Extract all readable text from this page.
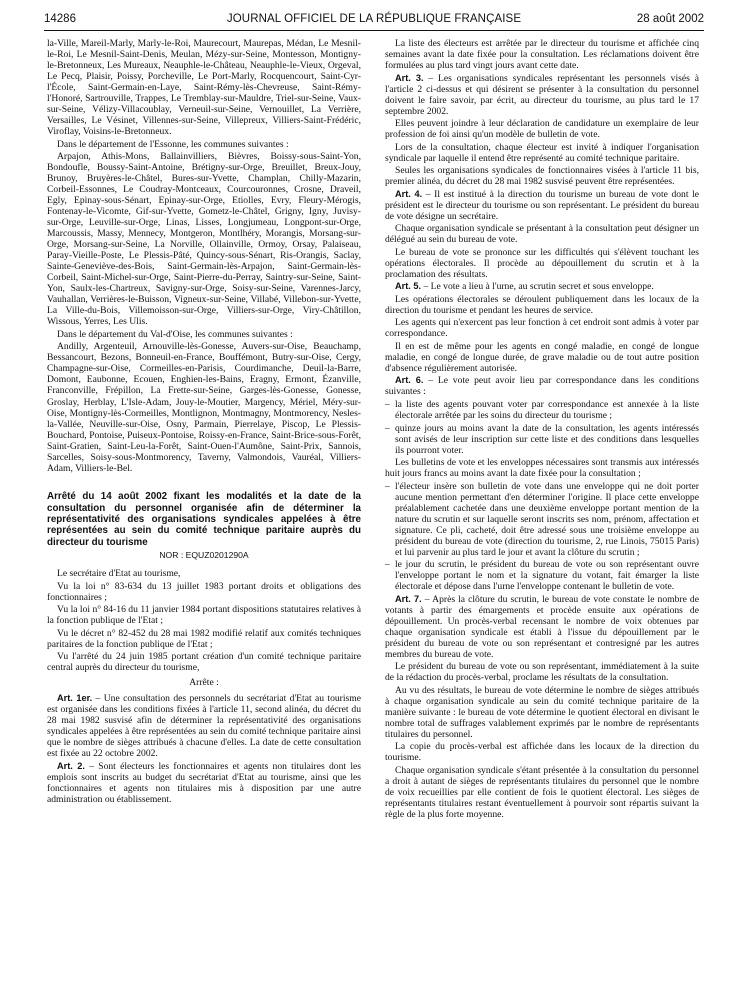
14286	JOURNAL OFFICIEL DE LA RÉPUBLIQUE FRANÇAISE	28 août 2002

la-Ville, Mareil-Marly, Marly-le-Roi, Maurecourt, Maurepas, Médan, Le Mesnil-le-Roi, Le Mesnil-Saint-Denis, Meulan, Mézy-sur-Seine, Montesson, Montigny-le-Bretonneux, Les Mureaux, Neauphle-le-Château, Neauphle-le-Vieux, Orgeval, Le Pecq, Plaisir, Poissy, Porcheville, Le Port-Marly, Rocquencourt, Saint-Cyr-l'École, Saint-Germain-en-Laye, Saint-Rémy-lès-Chevreuse, Saint-Rémy-l'Honoré, Sartrouville, Trappes, Le Tremblay-sur-Mauldre, Triel-sur-Seine, Vaux-sur-Seine, Vélizy-Villacoublay, Verneuil-sur-Seine, Vernouillet, La Verrière, Versailles, Le Vésinet, Villennes-sur-Seine, Villepreux, Villiers-Saint-Frédéric, Viroflay, Voisins-le-Bretonneux.

Dans le département de l'Essonne, les communes suivantes :

Arpajon, Athis-Mons, Ballainvilliers, Bièvres, Boissy-sous-Saint-Yon, Bondoufle, Boussy-Saint-Antoine, Brétigny-sur-Orge, Breuillet, Breux-Jouy, Brunoy, Bruyères-le-Châtel, Bures-sur-Yvette, Champlan, Chilly-Mazarin, Corbeil-Essonnes, Le Coudray-Montceaux, Courcouronnes, Crosne, Draveil, Egly, Epinay-sous-Sénart, Epinay-sur-Orge, Etiolles, Evry, Fleury-Mérogis, Fontenay-le-Vicomte, Gif-sur-Yvette, Gometz-le-Châtel, Grigny, Igny, Juvisy-sur-Orge, Leuville-sur-Orge, Linas, Lisses, Longjumeau, Longpont-sur-Orge, Marcoussis, Massy, Mennecy, Montgeron, Montlhéry, Morangis, Morsang-sur-Orge, Morsang-sur-Seine, La Norville, Ollainville, Ormoy, Orsay, Palaiseau, Paray-Vieille-Poste, Le Plessis-Pâté, Quincy-sous-Sénart, Ris-Orangis, Saclay, Sainte-Geneviève-des-Bois, Saint-Germain-lès-Arpajon, Saint-Germain-lès-Corbeil, Saint-Michel-sur-Orge, Saint-Pierre-du-Perray, Saintry-sur-Seine, Saint-Yon, Saulx-les-Chartreux, Savigny-sur-Orge, Soisy-sur-Seine, Varennes-Jarcy, Vauhallan, Verrières-le-Buisson, Vigneux-sur-Seine, Villabé, Villebon-sur-Yvette, La Ville-du-Bois, Villemoisson-sur-Orge, Villiers-sur-Orge, Viry-Châtillon, Wissous, Yerres, Les Ulis.

Dans le département du Val-d'Oise, les communes suivantes :

Andilly, Argenteuil, Arnouville-lès-Gonesse, Auvers-sur-Oise, Beauchamp, Bessancourt, Bezons, Bonneuil-en-France, Bouffémont, Butry-sur-Oise, Cergy, Champagne-sur-Oise, Cormeilles-en-Parisis, Courdimanche, Deuil-la-Barre, Domont, Eaubonne, Ecouen, Enghien-les-Bains, Eragny, Ermont, Ézanville, Franconville, Frépillon, La Frette-sur-Seine, Garges-lès-Gonesse, Gonesse, Groslay, Herblay, L'Isle-Adam, Jouy-le-Moutier, Margency, Mériel, Méry-sur-Oise, Montigny-lès-Cormeilles, Montlignon, Montmagny, Montmorency, Nesles-la-Vallée, Neuville-sur-Oise, Osny, Parmain, Pierrelaye, Piscop, Le Plessis-Bouchard, Pontoise, Puiseux-Pontoise, Roissy-en-France, Saint-Brice-sous-Forêt, Saint-Gratien, Saint-Leu-la-Forêt, Saint-Ouen-l'Aumône, Saint-Prix, Sannois, Sarcelles, Soisy-sous-Montmorency, Taverny, Valmondois, Vauréal, Villiers-Adam, Villiers-le-Bel.

Arrêté du 14 août 2002 fixant les modalités et la date de la consultation du personnel organisée afin de déterminer la représentativité des organisations syndicales appelées à être représentées au sein du comité technique paritaire auprès du directeur du tourisme
NOR : EQUZ0201290A

Le secrétaire d'Etat au tourisme,

Vu la loi n° 83-634 du 13 juillet 1983 portant droits et obligations des fonctionnaires ;

Vu la loi n° 84-16 du 11 janvier 1984 portant dispositions statutaires relatives à la fonction publique de l'Etat ;

Vu le décret n° 82-452 du 28 mai 1982 modifié relatif aux comités techniques paritaires de la fonction publique de l'Etat ;

Vu l'arrêté du 24 juin 1985 portant création d'un comité technique paritaire central auprès du directeur du tourisme,

Arrête :

Art. 1er. – Une consultation des personnels du secrétariat d'Etat au tourisme est organisée dans les conditions fixées à l'article 11, second alinéa, du décret du 28 mai 1982 susvisé afin de déterminer la représentativité des organisations syndicales appelées à être représentées au sein du comité technique paritaire ainsi que le nombre de sièges attribués à chacune d'elles. La date de cette consultation est fixée au 22 octobre 2002.

Art. 2. – Sont électeurs les fonctionnaires et agents non titulaires dont les emplois sont inscrits au budget du secrétariat d'Etat au tourisme, ainsi que les fonctionnaires et agents non titulaires mis à disposition par une autre administration ou établissement.

La liste des électeurs est arrêtée par le directeur du tourisme et affichée cinq semaines avant la date fixée pour la consultation. Les réclamations doivent être formulées au plus tard vingt jours avant cette date.

Art. 3. – Les organisations syndicales représentant les personnels visés à l'article 2 ci-dessus et qui désirent se présenter à la consultation du personnel doivent le faire savoir, par écrit, au directeur du tourisme, au plus tard le 17 septembre 2002.

Elles peuvent joindre à leur déclaration de candidature un exemplaire de leur profession de foi ainsi qu'un modèle de bulletin de vote.

Lors de la consultation, chaque électeur est invité à indiquer l'organisation syndicale par laquelle il entend être représenté au comité technique paritaire.

Seules les organisations syndicales de fonctionnaires visées à l'article 11 bis, premier alinéa, du décret du 28 mai 1982 susvisé peuvent être représentées.

Art. 4. – Il est institué à la direction du tourisme un bureau de vote dont le président est le directeur du tourisme ou son représentant. Le président du bureau de vote désigne un secrétaire.

Chaque organisation syndicale se présentant à la consultation peut désigner un délégué au sein du bureau de vote.

Le bureau de vote se prononce sur les difficultés qui s'élèvent touchant les opérations électorales. Il procède au dépouillement du scrutin et à la proclamation des résultats.

Art. 5. – Le vote a lieu à l'urne, au scrutin secret et sous enveloppe.

Les opérations électorales se déroulent publiquement dans les locaux de la direction du tourisme et pendant les heures de service.

Les agents qui n'exercent pas leur fonction à cet endroit sont admis à voter par correspondance.

Il en est de même pour les agents en congé maladie, en congé de longue maladie, en congé de longue durée, de grave maladie ou de tout autre position d'absence régulièrement autorisée.

Art. 6. – Le vote peut avoir lieu par correspondance dans les conditions suivantes :

– la liste des agents pouvant voter par correspondance est annexée à la liste électorale arrêtée par les soins du directeur du tourisme ;
– quinze jours au moins avant la date de la consultation, les agents intéressés sont avisés de leur inscription sur cette liste et des conditions dans lesquelles ils pourront voter.

Les bulletins de vote et les enveloppes nécessaires sont transmis aux intéressés huit jours francs au moins avant la date fixée pour la consultation ;

– l'électeur insère son bulletin de vote dans une enveloppe qui ne doit porter aucune mention permettant d'en déterminer l'origine. Il place cette enveloppe préalablement cachetée dans une deuxième enveloppe portant mention de la nature du scrutin et sur laquelle seront inscrits ses nom, prénom, affectation et signature. Ce pli, cacheté, doit être adressé sous une troisième enveloppe au président du bureau de vote (direction du tourisme, 2, rue Linois, 75015 Paris) et lui parvenir au plus tard le jour et avant la clôture du scrutin ;
– le jour du scrutin, le président du bureau de vote ou son représentant ouvre l'enveloppe portant le nom et la signature du votant, fait émarger la liste électorale et dépose dans l'urne l'enveloppe contenant le bulletin de vote.

Art. 7. – Après la clôture du scrutin, le bureau de vote constate le nombre de votants à partir des émargements et procède ensuite aux opérations de dépouillement. Un procès-verbal recensant le nombre de voix obtenues par chaque organisation syndicale est établi à l'issue du dépouillement par le président du bureau de vote ou son représentant et contresigné par les autres membres du bureau de vote.

Le président du bureau de vote ou son représentant, immédiatement à la suite de la rédaction du procès-verbal, proclame les résultats de la consultation.

Au vu des résultats, le bureau de vote détermine le nombre de sièges attribués à chaque organisation syndicale au sein du comité technique paritaire de la manière suivante : le bureau de vote détermine le quotient électoral en divisant le nombre total de suffrages valablement exprimés par le nombre de représentants titulaires du personnel.

La copie du procès-verbal est affichée dans les locaux de la direction du tourisme.

Chaque organisation syndicale s'étant présentée à la consultation du personnel a droit à autant de sièges de représentants titulaires du personnel que le nombre de voix recueillies par elle contient de fois le quotient électoral. Les sièges de représentants titulaires restant éventuellement à pourvoir sont répartis suivant la règle de la plus forte moyenne.
